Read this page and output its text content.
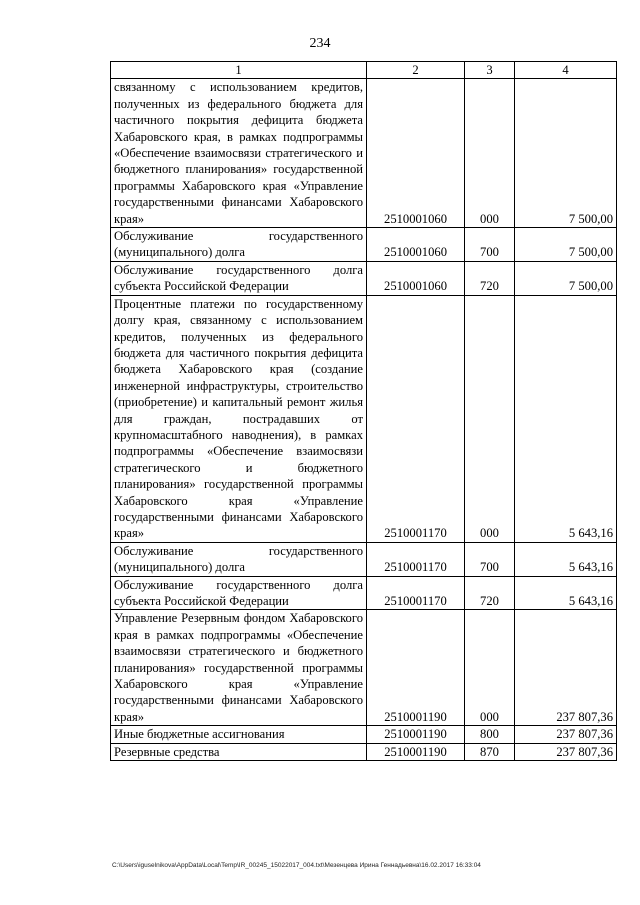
234
1	2	3	4
связанному с использованием кредитов, полученных из федерального бюджета для частичного покрытия дефицита бюджета Хабаровского края, в рамках подпрограммы «Обеспечение взаимосвязи стратегического и бюджетного планирования» государственной программы Хабаровского края «Управление государственными финансами Хабаровского края»	2510001060	000	7 500,00
Обслуживание государственного (муниципального) долга	2510001060	700	7 500,00
Обслуживание государственного долга субъекта Российской Федерации	2510001060	720	7 500,00
Процентные платежи по государственному долгу края, связанному с использованием кредитов, полученных из федерального бюджета для частичного покрытия дефицита бюджета Хабаровского края (создание инженерной инфраструктуры, строительство (приобретение) и капитальный ремонт жилья для граждан, пострадавших от крупномасштабного наводнения), в рамках подпрограммы «Обеспечение взаимосвязи стратегического и бюджетного планирования» государственной программы Хабаровского края «Управление государственными финансами Хабаровского края»	2510001170	000	5 643,16
Обслуживание государственного (муниципального) долга	2510001170	700	5 643,16
Обслуживание государственного долга субъекта Российской Федерации	2510001170	720	5 643,16
Управление Резервным фондом Хабаровского края в рамках подпрограммы «Обеспечение взаимосвязи стратегического и бюджетного планирования» государственной программы Хабаровского края «Управление государственными финансами Хабаровского края»	2510001190	000	237 807,36
Иные бюджетные ассигнования	2510001190	800	237 807,36
Резервные средства	2510001190	870	237 807,36
C:\Users\iguselnikova\AppData\Local\Temp\IR_00245_15022017_004.txt\Мезенцева Ирина Геннадьевна\16.02.2017 16:33:04
